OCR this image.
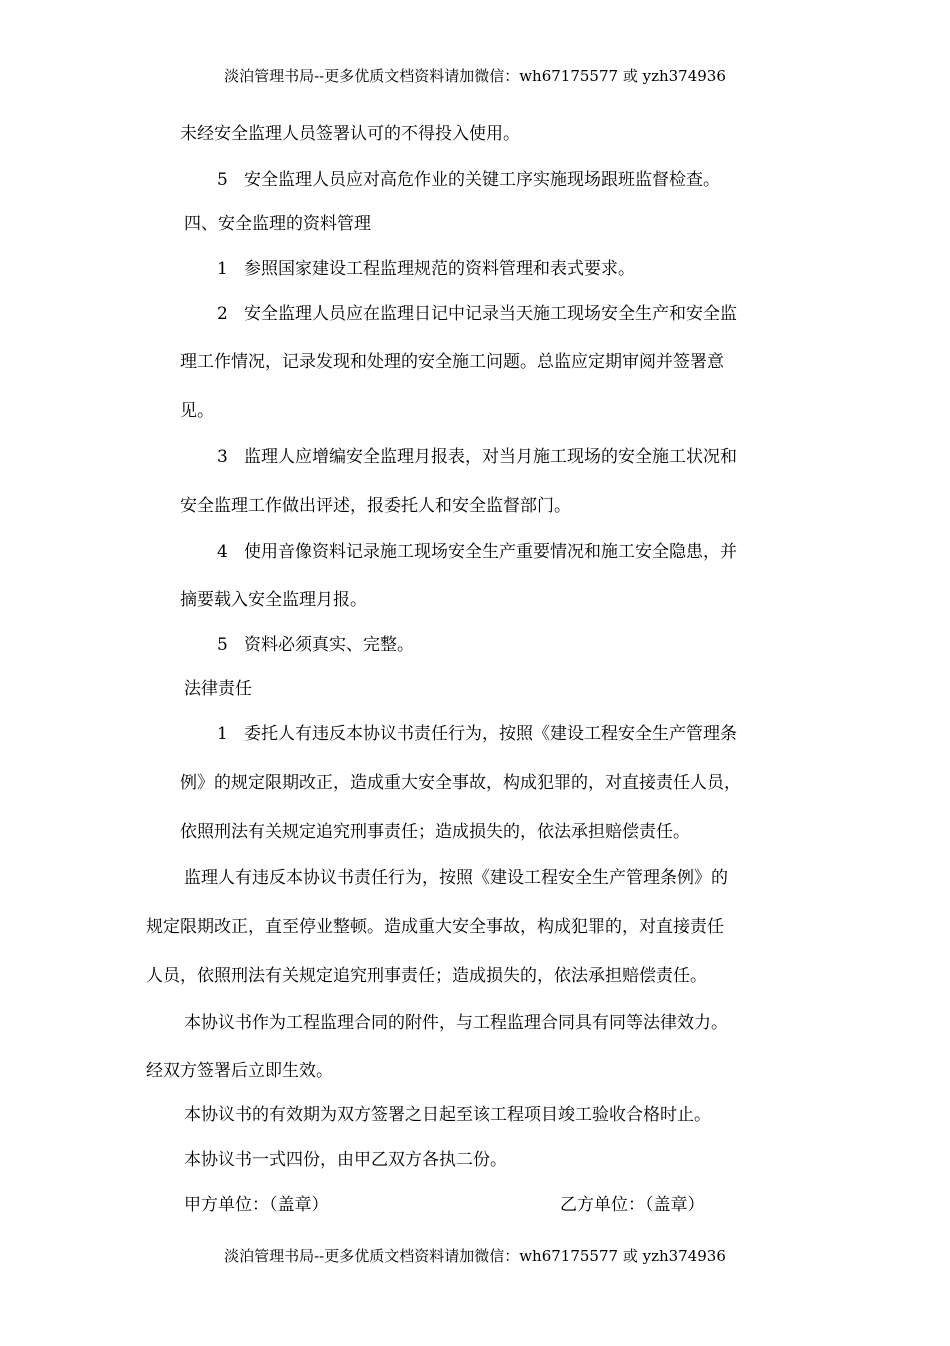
淡泊管理书局--更多优质文档资料请加微信：wh67175577 或 yzh374936
未经安全监理人员签署认可的不得投入使用。
5   安全监理人员应对高危作业的关键工序实施现场跟班监督检查。
四、安全监理的资料管理
1   参照国家建设工程监理规范的资料管理和表式要求。
2   安全监理人员应在监理日记中记录当天施工现场安全生产和安全监
理工作情况，记录发现和处理的安全施工问题。总监应定期审阅并签署意
见。
3   监理人应增编安全监理月报表，对当月施工现场的安全施工状况和
安全监理工作做出评述，报委托人和安全监督部门。
4   使用音像资料记录施工现场安全生产重要情况和施工安全隐患，并
摘要载入安全监理月报。
5   资料必须真实、完整。
法律责任
1   委托人有违反本协议书责任行为，按照《建设工程安全生产管理条
例》的规定限期改正，造成重大安全事故，构成犯罪的，对直接责任人员，
依照刑法有关规定追究刑事责任；造成损失的，依法承担赔偿责任。
监理人有违反本协议书责任行为，按照《建设工程安全生产管理条例》的
规定限期改正，直至停业整顿。造成重大安全事故，构成犯罪的，对直接责任
人员，依照刑法有关规定追究刑事责任；造成损失的，依法承担赔偿责任。
本协议书作为工程监理合同的附件，与工程监理合同具有同等法律效力。
经双方签署后立即生效。
本协议书的有效期为双方签署之日起至该工程项目竣工验收合格时止。
本协议书一式四份，由甲乙双方各执二份。
甲方单位：（盖章）	乙方单位：（盖章）
淡泊管理书局--更多优质文档资料请加微信：wh67175577 或 yzh374936
